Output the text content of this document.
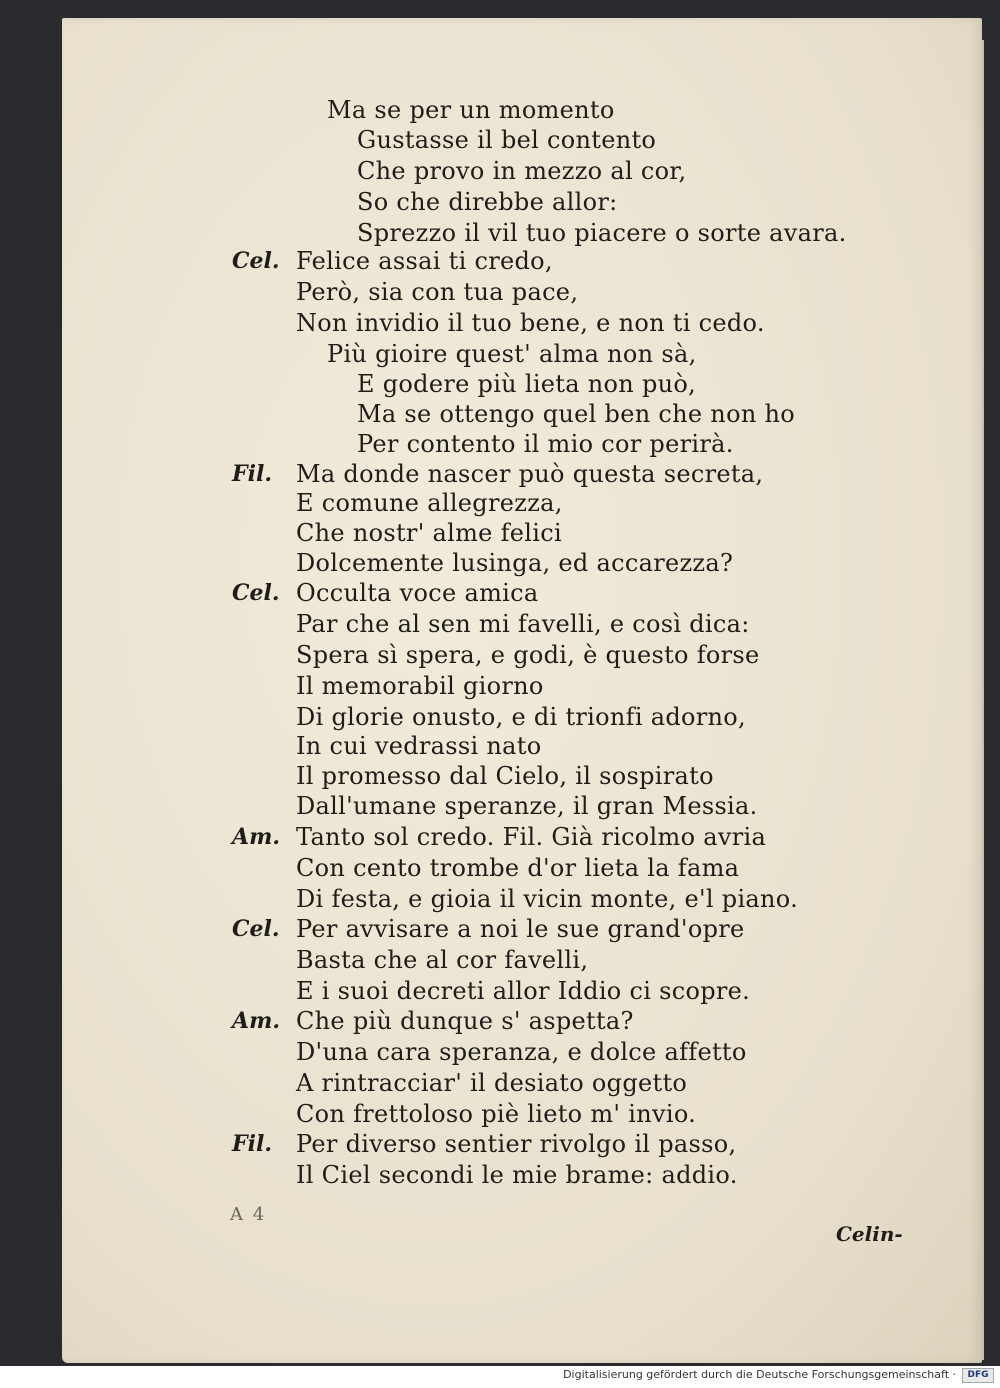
Ma se per un momento

Gustasse il bel contento

Che provo in mezzo al cor,

So che direbbe allor:

Sprezzo il vil tuo piacere o sorte avara.

Cel. Felice assai ti credo,

Però, sia con tua pace,

Non invidio il tuo bene, e non ti cedo.

Più gioire quest' alma non sà,

E godere più lieta non può,

Ma se ottengo quel ben che non ho

Per contento il mio cor perirà.

Fil. Ma donde nascer può questa secreta,

E comune allegrezza,

Che nostr' alme felici

Dolcemente lusinga, ed accarezza?

Cel. Occulta voce amica

Par che al sen mi favelli, e così dica:

Spera sì spera, e godi, è questo forse

Il memorabil giorno

Di glorie onusto, e di trionfi adorno,

In cui vedrassi nato

Il promesso dal Cielo, il sospirato

Dall'umane speranze, il gran Messia.

Am. Tanto sol credo. Fil. Già ricolmo avria

Con cento trombe d'or lieta la fama

Di festa, e gioia il vicin monte, e'l piano.

Cel. Per avvisare a noi le sue grand'opre

Basta che al cor favelli,

E i suoi decreti allor Iddio ci scopre.

Am. Che più dunque s' aspetta?

D'una cara speranza, e dolce affetto

A rintracciar' il desiato oggetto

Con frettoloso piè lieto m' invio.

Fil. Per diverso sentier rivolgo il passo,

Il Ciel secondi le mie brame: addio.

A 4
Celin-
Digitalisierung gefördert durch die Deutsche Forschungsgemeinschaft ·	DFG
